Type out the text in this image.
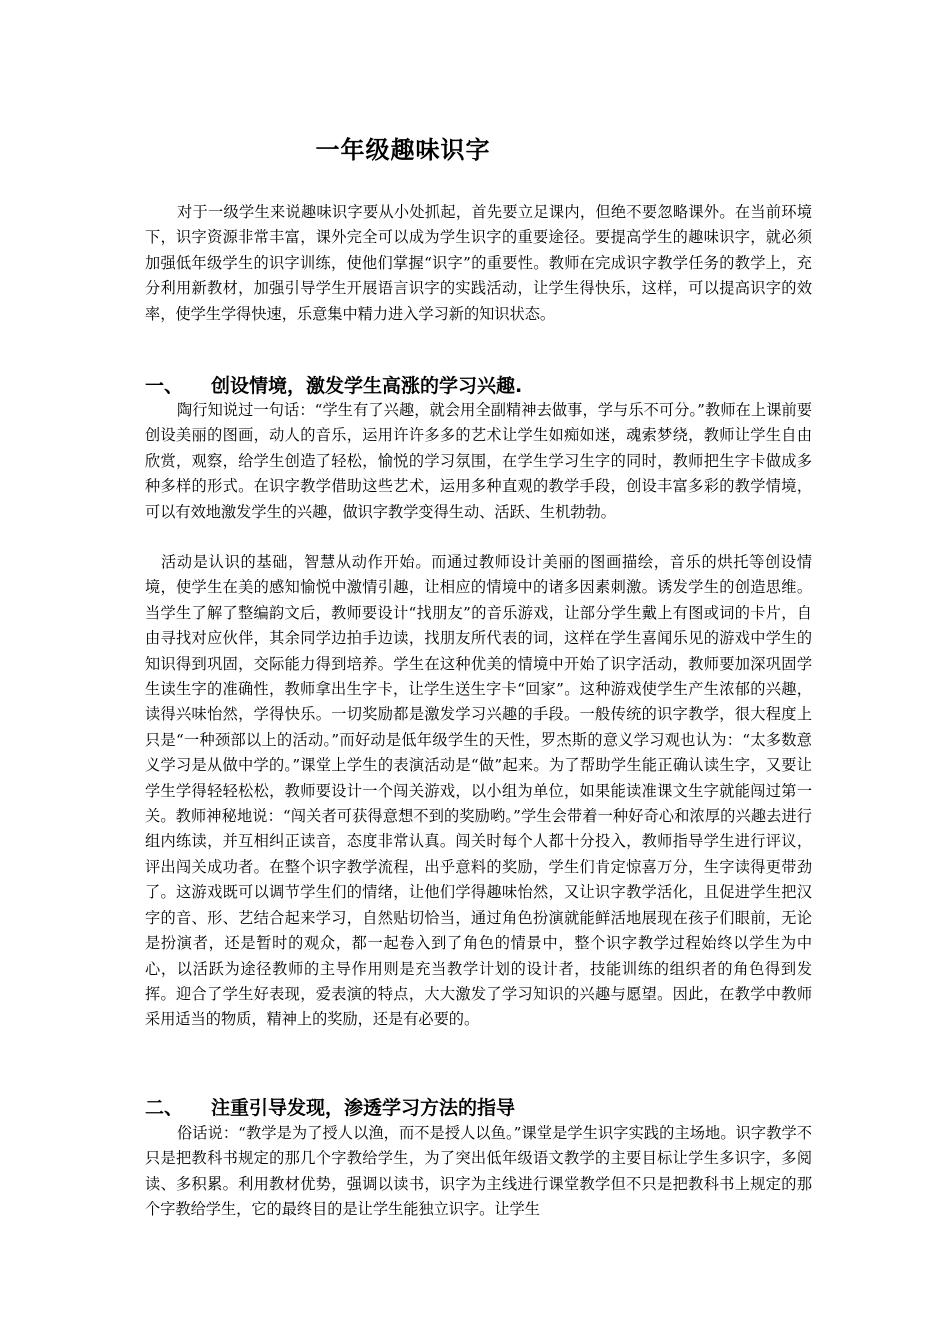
一年级趣味识字

对于一级学生来说趣味识字要从小处抓起，首先要立足课内，但绝不要忽略课外。在当前环境下，识字资源非常丰富，课外完全可以成为学生识字的重要途径。要提高学生的趣味识字，就必须加强低年级学生的识字训练，使他们掌握“识字”的重要性。教师在完成识字教学任务的教学上，充分利用新教材，加强引导学生开展语言识字的实践活动，让学生得快乐，这样，可以提高识字的效率，使学生学得快速，乐意集中精力进入学习新的知识状态。

一、 创设情境，激发学生高涨的学习兴趣.

陶行知说过一句话：“学生有了兴趣，就会用全副精神去做事，学与乐不可分。”教师在上课前要创设美丽的图画，动人的音乐，运用许许多多的艺术让学生如痴如迷，魂索梦绕，教师让学生自由欣赏，观察，给学生创造了轻松，愉悦的学习氛围，在学生学习生字的同时，教师把生字卡做成多种多样的形式。在识字教学借助这些艺术，运用多种直观的教学手段，创设丰富多彩的教学情境，可以有效地激发学生的兴趣，做识字教学变得生动、活跃、生机勃勃。

活动是认识的基础，智慧从动作开始。而通过教师设计美丽的图画描绘，音乐的烘托等创设情境，使学生在美的感知愉悦中激情引趣，让相应的情境中的诸多因素刺激。诱发学生的创造思维。当学生了解了整编韵文后，教师要设计“找朋友”的音乐游戏，让部分学生戴上有图或词的卡片，自由寻找对应伙伴，其余同学边拍手边读，找朋友所代表的词，这样在学生喜闻乐见的游戏中学生的知识得到巩固，交际能力得到培养。学生在这种优美的情境中开始了识字活动，教师要加深巩固学生读生字的准确性，教师拿出生字卡，让学生送生字卡“回家”。这种游戏使学生产生浓郁的兴趣，读得兴味怡然，学得快乐。一切奖励都是激发学习兴趣的手段。一般传统的识字教学，很大程度上只是“一种颈部以上的活动。”而好动是低年级学生的天性，罗杰斯的意义学习观也认为：“太多数意义学习是从做中学的。”课堂上学生的表演活动是“做”起来。为了帮助学生能正确认读生字，又要让学生学得轻轻松松，教师要设计一个闯关游戏，以小组为单位，如果能读准课文生字就能闯过第一关。教师神秘地说：“闯关者可获得意想不到的奖励哟。”学生会带着一种好奇心和浓厚的兴趣去进行组内练读，并互相纠正读音，态度非常认真。闯关时每个人都十分投入，教师指导学生进行评议，评出闯关成功者。在整个识字教学流程，出乎意料的奖励，学生们肯定惊喜万分，生字读得更带劲了。这游戏既可以调节学生们的情绪，让他们学得趣味怡然，又让识字教学活化，且促进学生把汉字的音、形、艺结合起来学习，自然贴切恰当，通过角色扮演就能鲜活地展现在孩子们眼前，无论是扮演者，还是暂时的观众，都一起卷入到了角色的情景中，整个识字教学过程始终以学生为中心，以活跃为途径教师的主导作用则是充当教学计划的设计者，技能训练的组织者的角色得到发挥。迎合了学生好表现，爱表演的特点，大大激发了学习知识的兴趣与愿望。因此，在教学中教师采用适当的物质，精神上的奖励，还是有必要的。

二、 注重引导发现，渗透学习方法的指导

俗话说：“教学是为了授人以渔，而不是授人以鱼。”课堂是学生识字实践的主场地。识字教学不只是把教科书规定的那几个字教给学生，为了突出低年级语文教学的主要目标让学生多识字，多阅读、多积累。利用教材优势，强调以读书，识字为主线进行课堂教学但不只是把教科书上规定的那个字教给学生，它的最终目的是让学生能独立识字。让学生
